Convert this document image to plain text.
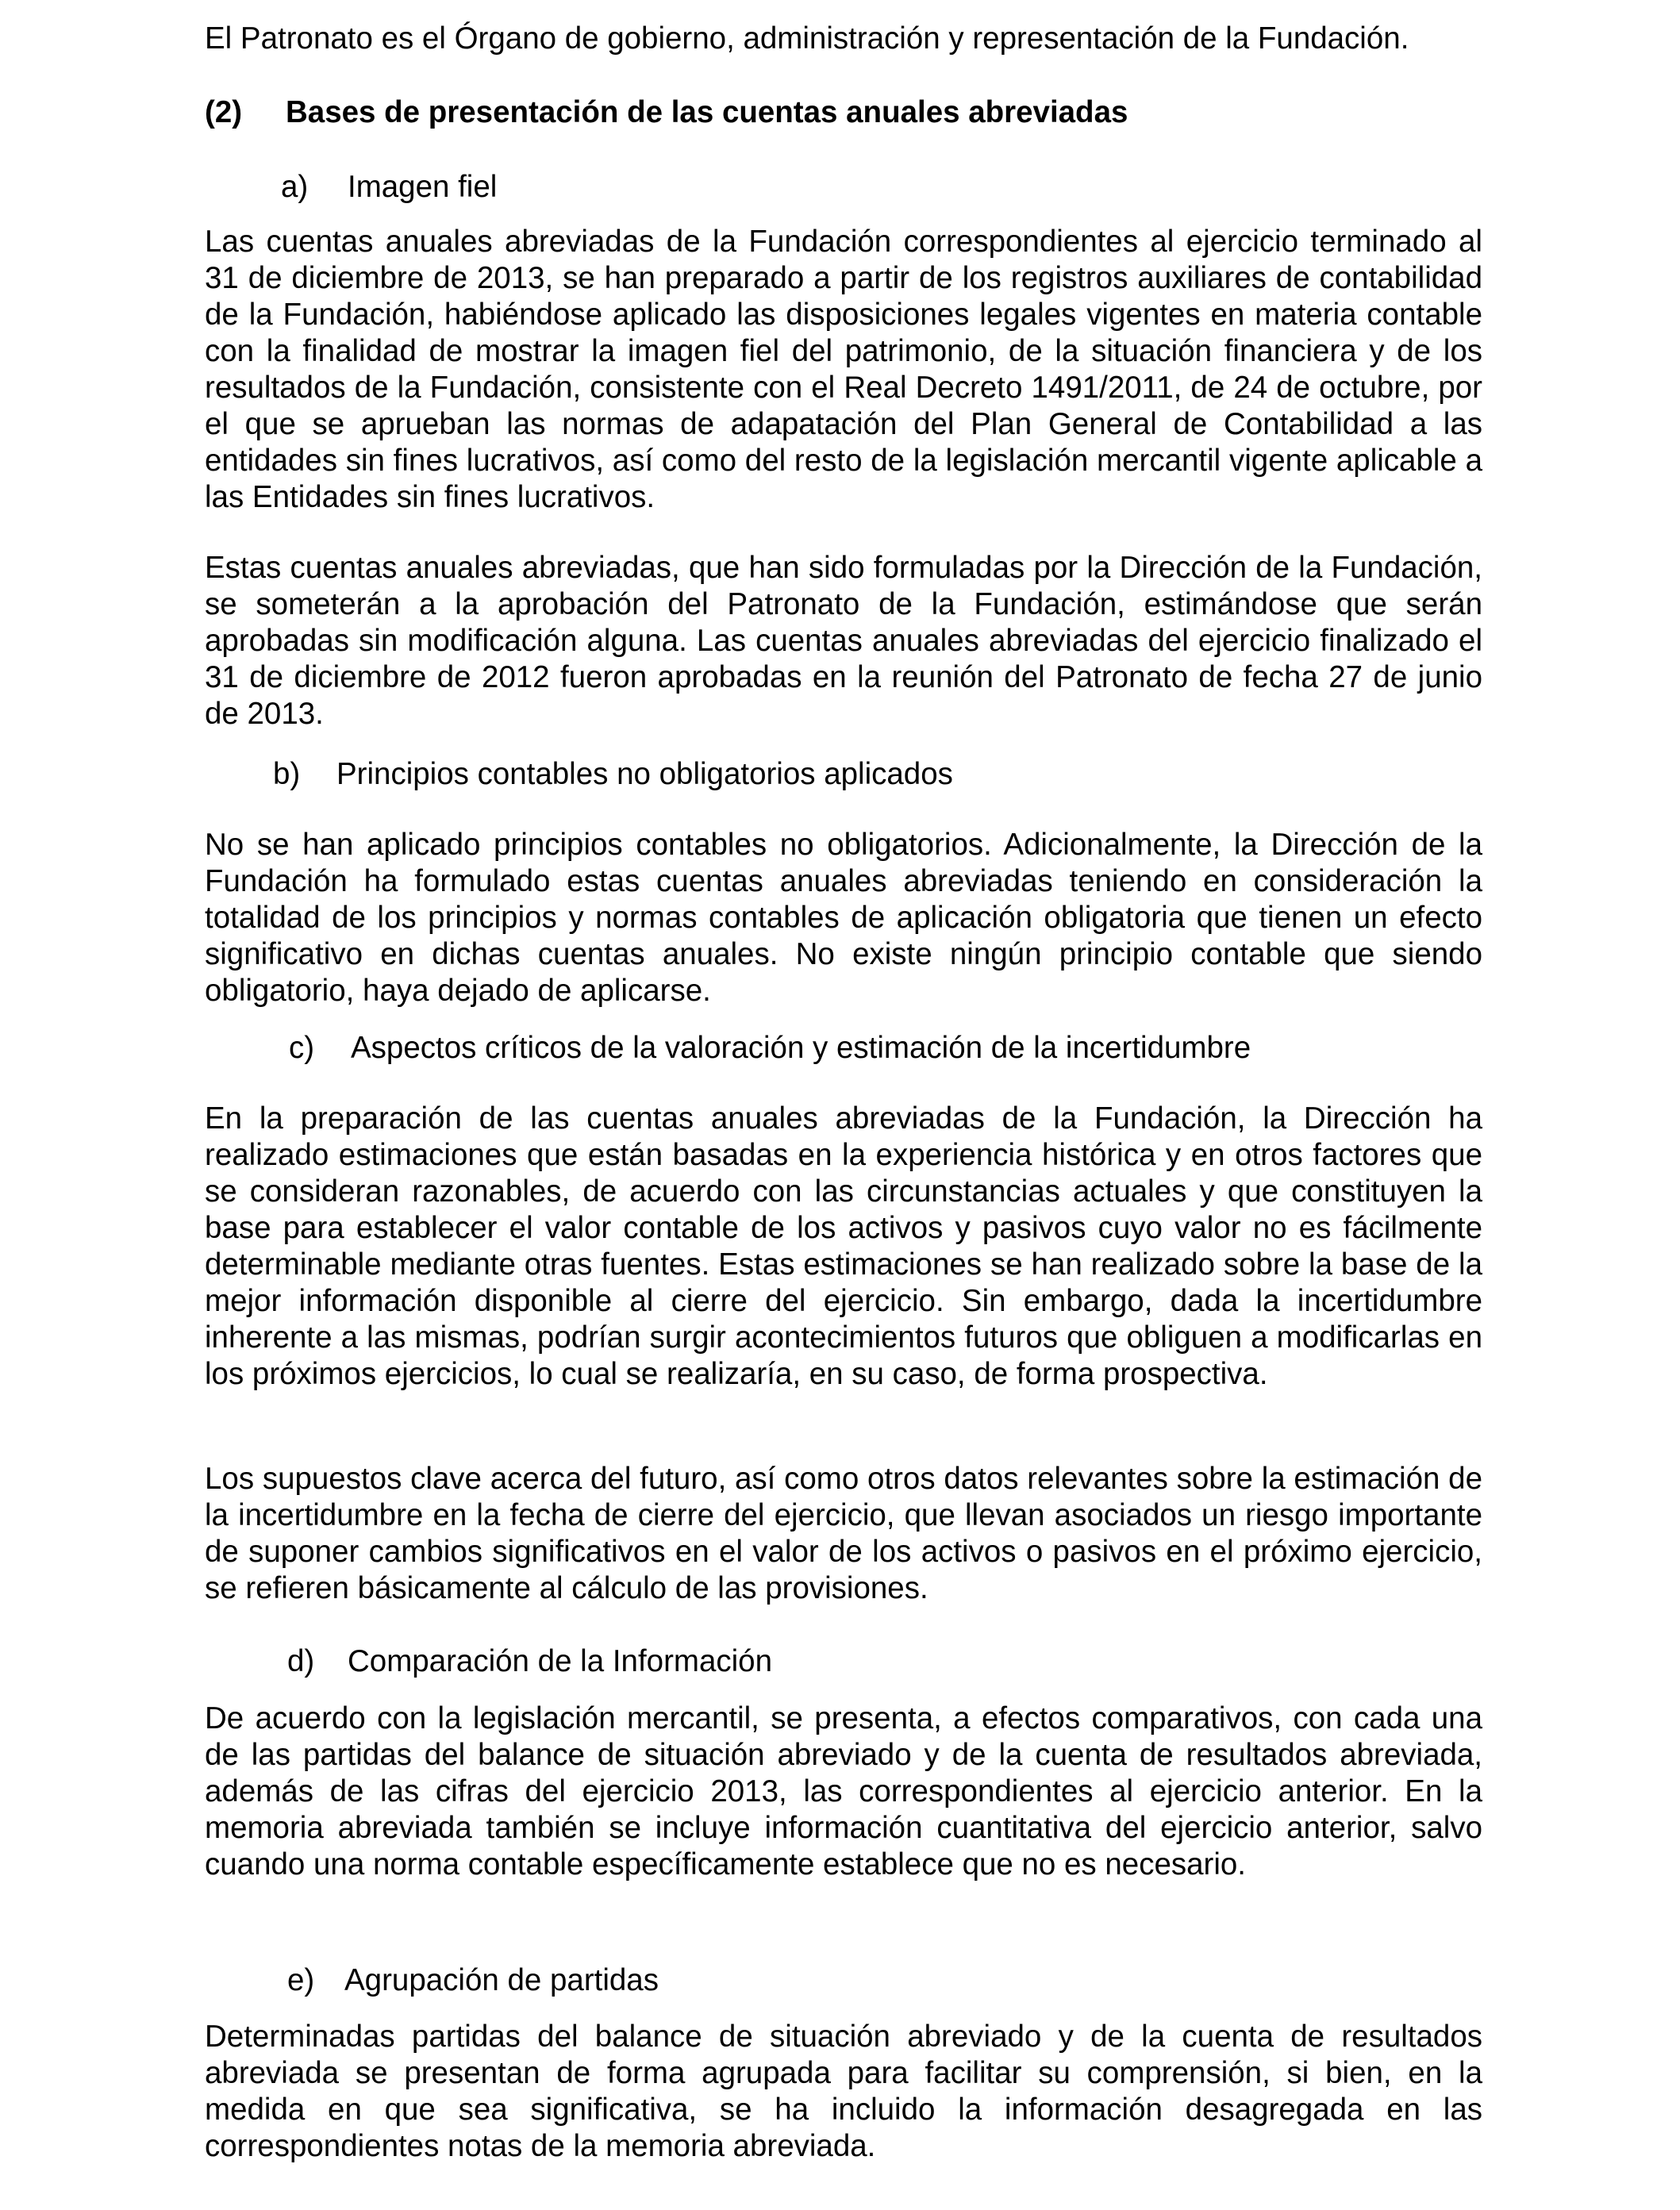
El Patronato es el Órgano de gobierno, administración y representación de la Fundación.

(2) Bases de presentación de las cuentas anuales abreviadas
a) Imagen fiel

Las cuentas anuales abreviadas de la Fundación correspondientes al ejercicio terminado al 31 de diciembre de 2013, se han preparado a partir de los registros auxiliares de contabilidad de la Fundación, habiéndose aplicado las disposiciones legales vigentes en materia contable con la finalidad de mostrar la imagen fiel del patrimonio, de la situación financiera y de los resultados de la Fundación, consistente con el Real Decreto 1491/2011, de 24 de octubre, por el que se aprueban las normas de adapatación del Plan General de Contabilidad a las entidades sin fines lucrativos, así como del resto de la legislación mercantil vigente aplicable a las Entidades sin fines lucrativos.

Estas cuentas anuales abreviadas, que han sido formuladas por la Dirección de la Fundación, se someterán a la aprobación del Patronato de la Fundación, estimándose que serán aprobadas sin modificación alguna. Las cuentas anuales abreviadas del ejercicio finalizado el 31 de diciembre de 2012 fueron aprobadas en la reunión del Patronato de fecha 27 de junio de 2013.

b) Principios contables no obligatorios aplicados

No se han aplicado principios contables no obligatorios. Adicionalmente, la Dirección de la Fundación ha formulado estas cuentas anuales abreviadas teniendo en consideración la totalidad de los principios y normas contables de aplicación obligatoria que tienen un efecto significativo en dichas cuentas anuales. No existe ningún principio contable que siendo obligatorio, haya dejado de aplicarse.

c) Aspectos críticos de la valoración y estimación de la incertidumbre

En la preparación de las cuentas anuales abreviadas de la Fundación, la Dirección ha realizado estimaciones que están basadas en la experiencia histórica y en otros factores que se consideran razonables, de acuerdo con las circunstancias actuales y que constituyen la base para establecer el valor contable de los activos y pasivos cuyo valor no es fácilmente determinable mediante otras fuentes. Estas estimaciones se han realizado sobre la base de la mejor información disponible al cierre del ejercicio. Sin embargo, dada la incertidumbre inherente a las mismas, podrían surgir acontecimientos futuros que obliguen a modificarlas en los próximos ejercicios, lo cual se realizaría, en su caso, de forma prospectiva.

Los supuestos clave acerca del futuro, así como otros datos relevantes sobre la estimación de la incertidumbre en la fecha de cierre del ejercicio, que llevan asociados un riesgo importante de suponer cambios significativos en el valor de los activos o pasivos en el próximo ejercicio, se refieren básicamente al cálculo de las provisiones.

d) Comparación de la Información

De acuerdo con la legislación mercantil, se presenta, a efectos comparativos, con cada una de las partidas del balance de situación abreviado y de la cuenta de resultados abreviada, además de las cifras del ejercicio 2013, las correspondientes al ejercicio anterior. En la memoria abreviada también se incluye información cuantitativa del ejercicio anterior, salvo cuando una norma contable específicamente establece que no es necesario.

e) Agrupación de partidas

Determinadas partidas del balance de situación abreviado y de la cuenta de resultados abreviada se presentan de forma agrupada para facilitar su comprensión, si bien, en la medida en que sea significativa, se ha incluido la información desagregada en las correspondientes notas de la memoria abreviada.
